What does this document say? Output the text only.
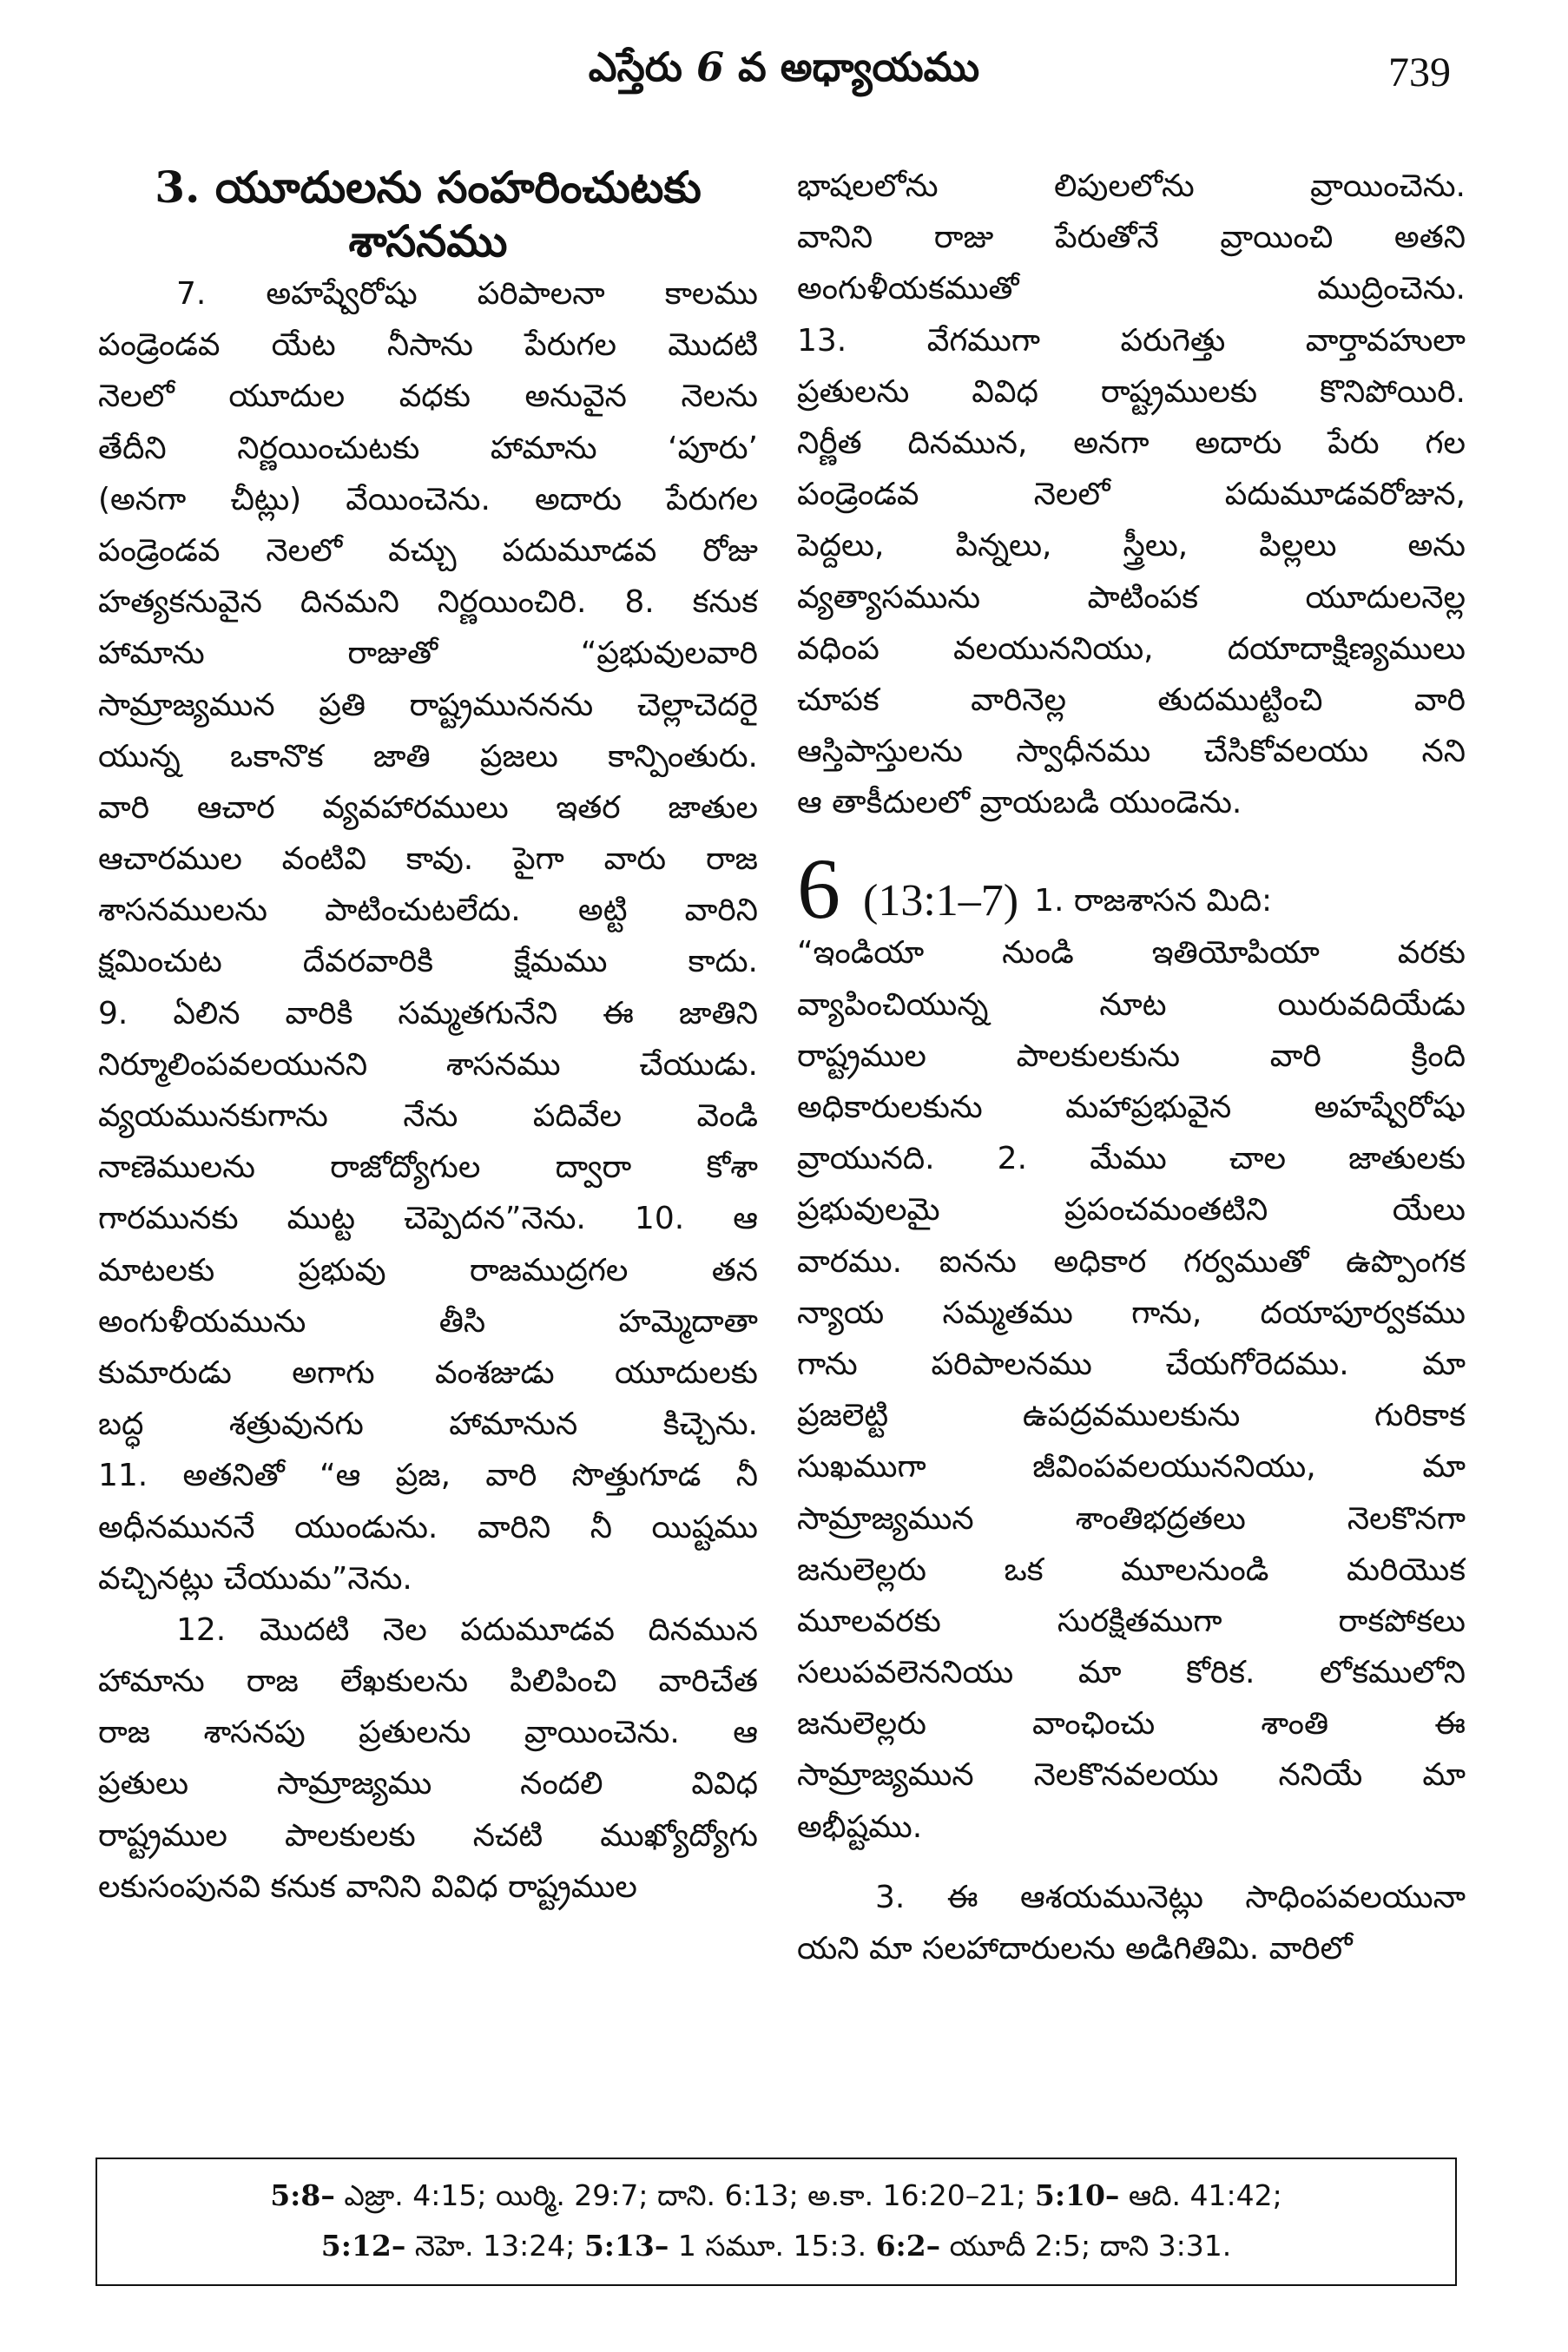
ఎస్తేరు 6 వ అధ్యాయము	739
3. యూదులను సంహరించుటకు
శాసనము
7. అహష్వేరోషు పరిపాలనా కాలము
పండ్రెండవ యేట నీసాను పేరుగల మొదటి
నెలలో యూదుల వధకు అనువైన నెలను
తేదీని నిర్ణయించుటకు హామాను ‘పూరు’
(అనగా చీట్లు) వేయించెను. అదారు పేరుగల
పండ్రెండవ నెలలో వచ్చు పదుమూడవ రోజు
హత్యకనువైన దినమని నిర్ణయించిరి. 8. కనుక
హామాను రాజుతో “ప్రభువులవారి
సామ్రాజ్యమున ప్రతి రాష్ట్రముననను చెల్లాచెదరై
యున్న ఒకానొక జాతి ప్రజలు కాన్పింతురు.
వారి ఆచార వ్యవహారములు ఇతర జాతుల
ఆచారముల వంటివి కావు. పైగా వారు రాజ
శాసనములను పాటించుటలేదు. అట్టి వారిని
క్షమించుట దేవరవారికి క్షేమము కాదు.
9. ఏలిన వారికి సమ్మతగునేని ఈ జాతిని
నిర్మూలింపవలయునని శాసనము చేయుడు.
వ్యయమునకుగాను నేను పదివేల వెండి
నాణెములను రాజోద్యోగుల ద్వారా కోశా
గారమునకు ముట్ట చెప్పెదన”నెను. 10. ఆ
మాటలకు ప్రభువు రాజముద్రగల తన
అంగుళీయమును తీసి హమ్మెదాతా
కుమారుడు అగాగు వంశజుడు యూదులకు
బద్ధ శత్రువునగు హామానున కిచ్చెను.
11. అతనితో “ఆ ప్రజ, వారి సొత్తుగూడ నీ
అధీనముననే యుండును. వారిని నీ యిష్టము
వచ్చినట్లు చేయుమ”నెను.
12. మొదటి నెల పదుమూడవ దినమున
హామాను రాజ లేఖకులను పిలిపించి వారిచేత
రాజ శాసనపు ప్రతులను వ్రాయించెను. ఆ
ప్రతులు సామ్రాజ్యము నందలి వివిధ
రాష్ట్రముల పాలకులకు నచటి ముఖ్యోద్యోగు
లకుసంపునవి కనుక వానిని వివిధ రాష్ట్రముల
భాషలలోను లిపులలోను వ్రాయించెను.
వానిని రాజు పేరుతోనే వ్రాయించి అతని
అంగుళీయకముతో ముద్రించెను.
13. వేగముగా పరుగెత్తు వార్తావహులా
ప్రతులను వివిధ రాష్ట్రములకు కొనిపోయిరి.
నిర్ణీత దినమున, అనగా అదారు పేరు గల
పండ్రెండవ నెలలో పదుమూడవరోజున,
పెద్దలు, పిన్నలు, స్త్రీలు, పిల్లలు అను
వ్యత్యాసమును పాటింపక యూదులనెల్ల
వధింప వలయుననియు, దయాదాక్షిణ్యములు
చూపక వారినెల్ల తుదముట్టించి వారి
ఆస్తిపాస్తులను స్వాధీనము చేసికోవలయు నని
ఆ తాకీదులలో వ్రాయబడి యుండెను.
6 (13:1–7) 1. రాజశాసన మిది:
“ఇండియా నుండి ఇతియోపియా వరకు
వ్యాపించియున్న నూట యిరువదియేడు
రాష్ట్రముల పాలకులకును వారి క్రింది
అధికారులకును మహాప్రభువైన అహష్వేరోషు
వ్రాయునది. 2. మేము చాల జాతులకు
ప్రభువులమై ప్రపంచమంతటిని యేలు
వారము. ఐనను అధికార గర్వముతో ఉప్పొంగక
న్యాయ సమ్మతము గాను, దయాపూర్వకము
గాను పరిపాలనము చేయగోరెదము. మా
ప్రజలెట్టి ఉపద్రవములకును గురికాక
సుఖముగా జీవింపవలయుననియు, మా
సామ్రాజ్యమున శాంతిభద్రతలు నెలకొనగా
జనులెల్లరు ఒక మూలనుండి మరియొక
మూలవరకు సురక్షితముగా రాకపోకలు
సలుపవలెననియు మా కోరిక. లోకములోని
జనులెల్లరు వాంఛించు శాంతి ఈ
సామ్రాజ్యమున నెలకొనవలయు ననియే మా
అభీష్టము.
3. ఈ ఆశయమునెట్లు సాధింపవలయునా
యని మా సలహాదారులను అడిగితిమి. వారిలో
5:8– ఎజ్రా. 4:15; యిర్మి. 29:7; దాని. 6:13; అ.కా. 16:20–21; 5:10– ఆది. 41:42;
5:12– నెహె. 13:24; 5:13– 1 సమూ. 15:3. 6:2– యూదీ 2:5; దాని 3:31.
